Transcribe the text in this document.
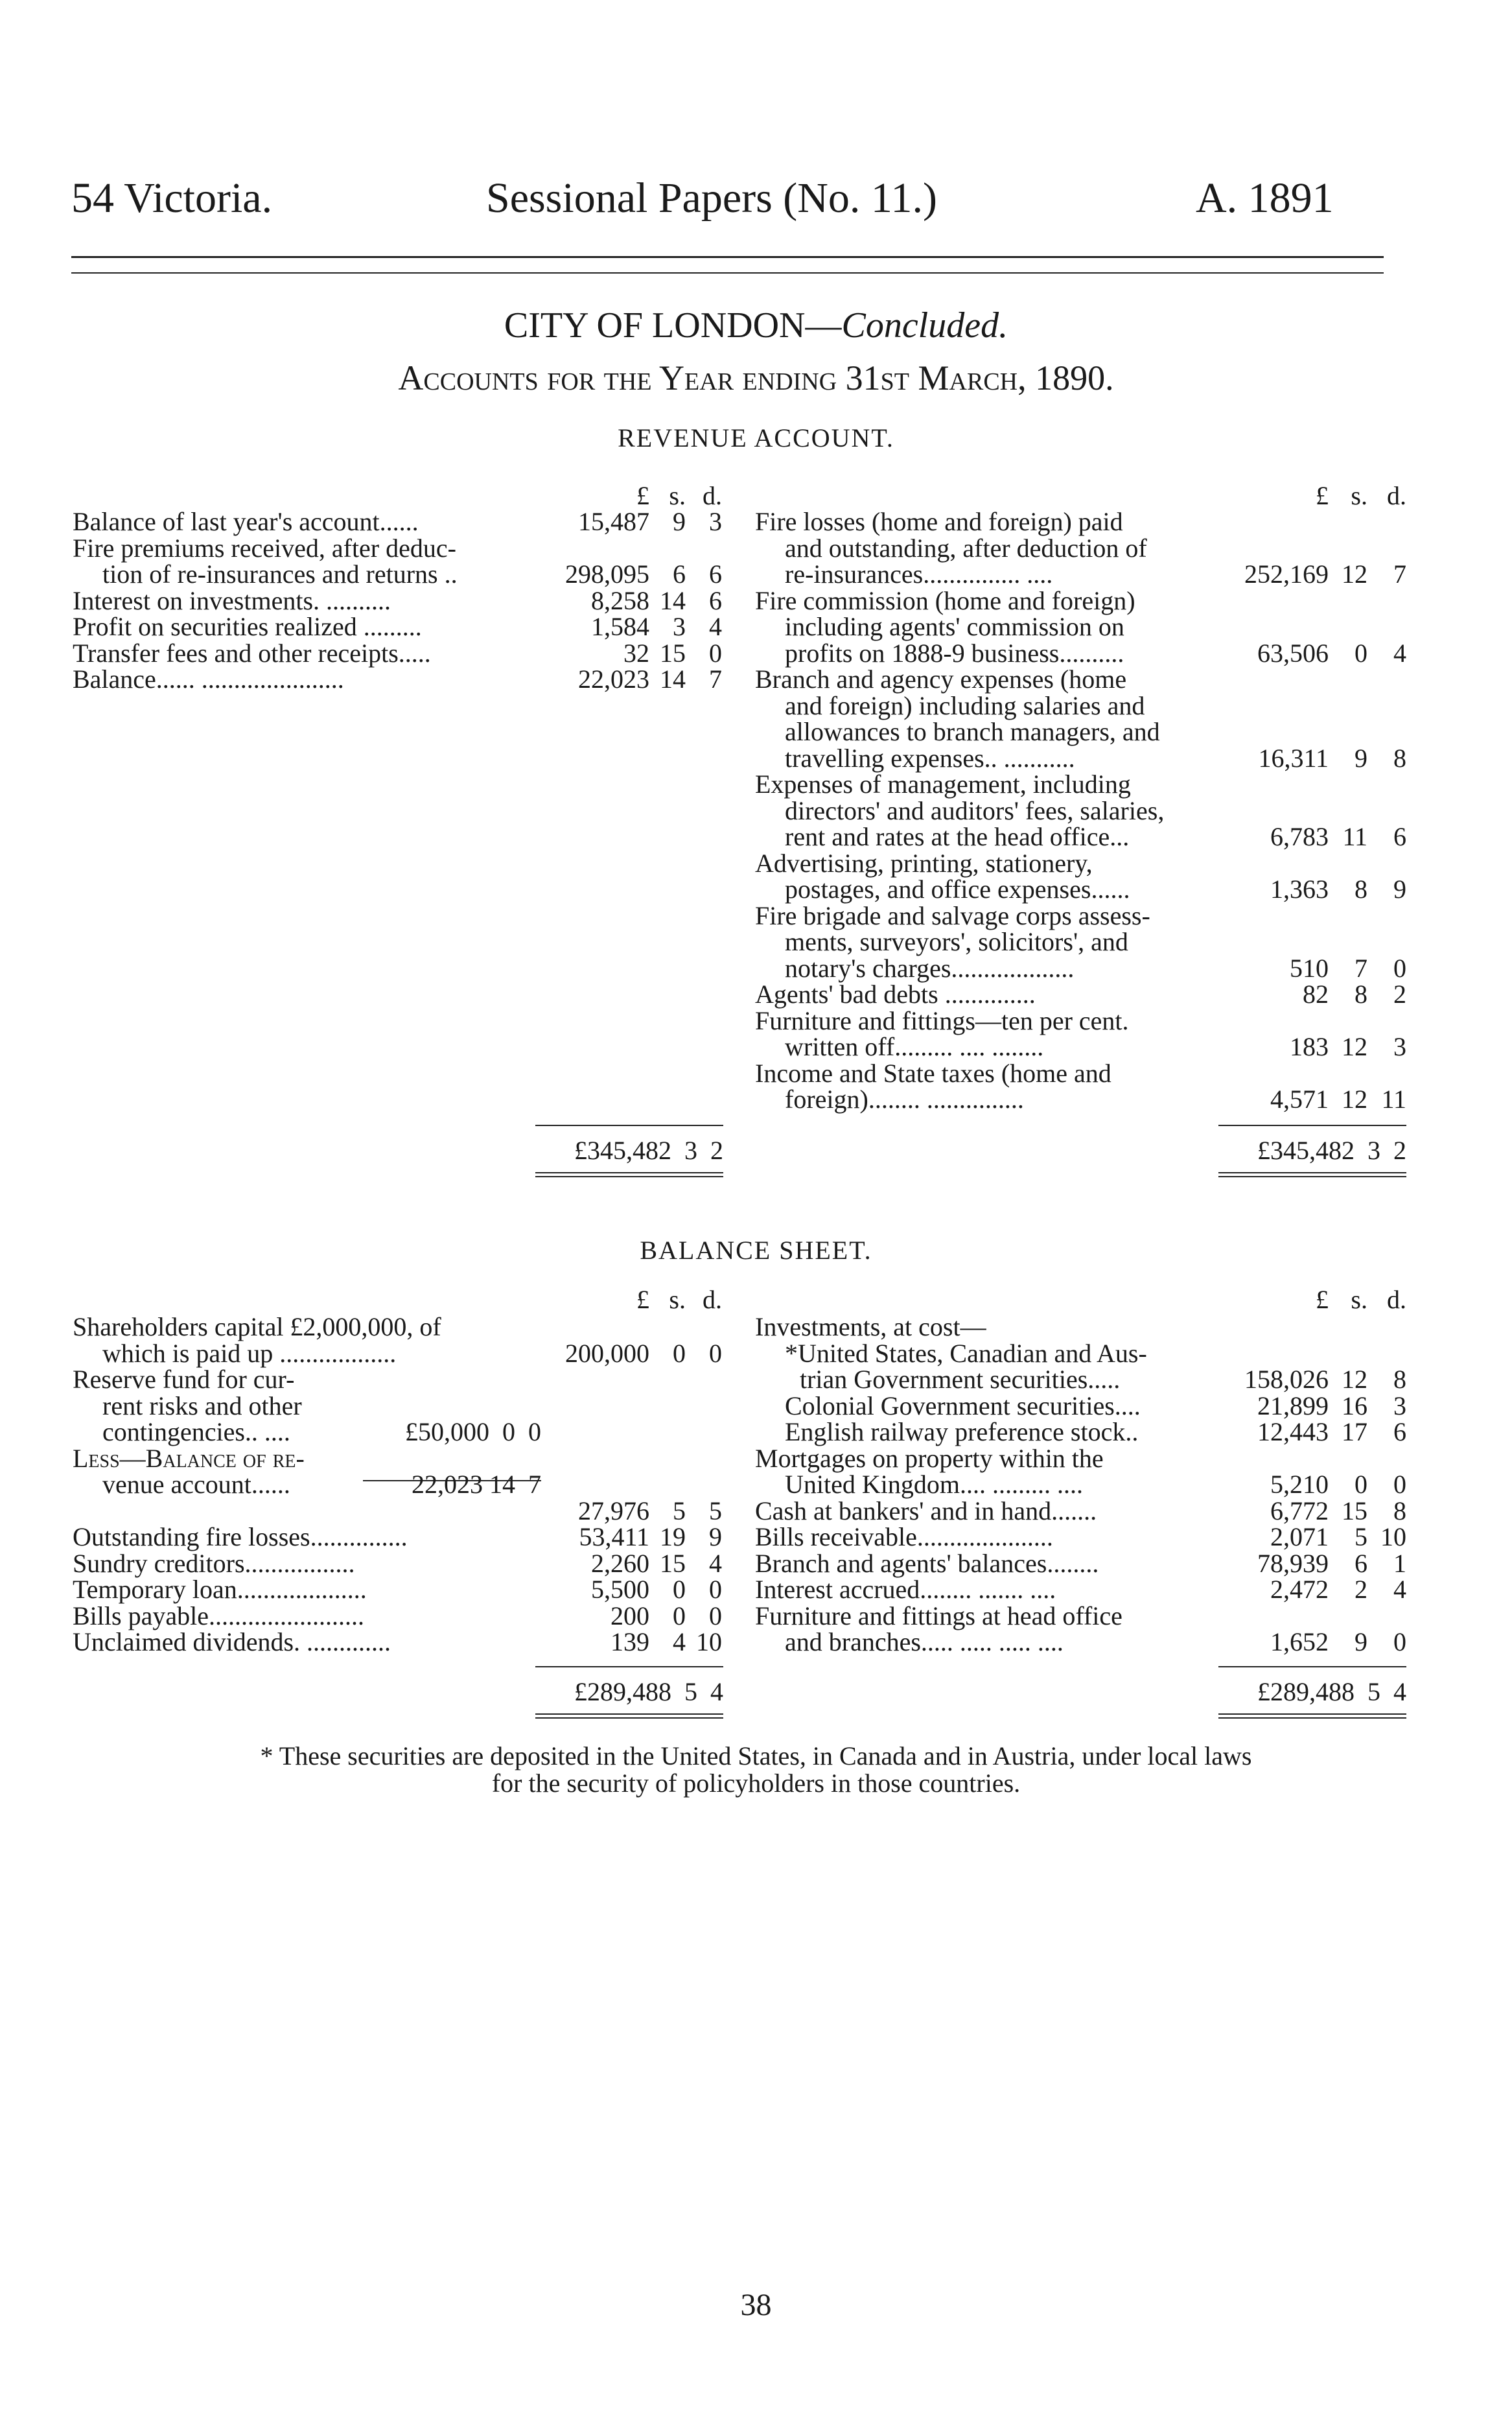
54 Victoria.	Sessional Papers (No. 11.)	A. 1891
CITY OF LONDON—Concluded.
Accounts for the Year ending 31st March, 1890.
REVENUE ACCOUNT.
£345,482  3  2	£345,482  3  2
BALANCE SHEET.
£289,488  5  4	£289,488  5  4
* These securities are deposited in the United States, in Canada and in Austria, under local laws
for the security of policyholders in those countries.
38
£ s. d.	£ s. d.
Balance of last year's account......	15,487 9 3
Fire premiums received, after deduc-
tion of re-insurances and returns ..	298,095 6 6
Interest on investments. ..........	8,258 14 6
Profit on securities realized .........	1,584 3 4
Transfer fees and other receipts.....	32 15 0
Balance...... ......................	22,023 14 7
Fire losses (home and foreign) paid
and outstanding, after deduction of
re-insurances............... ....	252,169 12	7
Fire commission (home and foreign)
including agents' commission on
profits on 1888-9 business..........	63,506	0	4
Branch and agency expenses (home
and foreign) including salaries and
allowances to branch managers, and
travelling expenses.. ...........	16,311	9	8
Expenses of management, including
directors' and auditors' fees, salaries,
rent and rates at the head office...	6,783 11	6
Advertising, printing, stationery,
postages, and office expenses......	1,363	8	9
Fire brigade and salvage corps assess-
ments, surveyors', solicitors', and
notary's charges...................	510	7	0
Agents' bad debts ..............	82	8	2
Furniture and fittings—ten per cent.
written off......... .... ........	183 12	3
Income and State taxes (home and
foreign)........ ...............	4,571 12 11
£ s. d.	£ s. d.
Shareholders capital £2,000,000, of
which is paid up ..................	200,000 0 0
Reserve fund for cur-
rent risks and other
contingencies.. ....	£50,000  0  0
Less—Balance of re-
venue account......	22,023 14  7
27,976 5 5
Outstanding fire losses...............	53,411 19 9
Sundry creditors.................	2,260 15 4
Temporary loan....................	5,500 0 0
Bills payable........................	200 0 0
Unclaimed dividends. .............	139 4 10
Investments, at cost—
*United States, Canadian and Aus-
trian Government securities.....	158,026 12	8
Colonial Government securities....	21,899 16	3
English railway preference stock..	12,443 17	6
Mortgages on property within the
United Kingdom.... ......... ....	5,210	0	0
Cash at bankers' and in hand.......	6,772 15	8
Bills receivable.....................	2,071	5 10
Branch and agents' balances........	78,939	6	1
Interest accrued........ ....... ....	2,472	2	4
Furniture and fittings at head office
and branches..... ..... ..... ....	1,652	9	0
